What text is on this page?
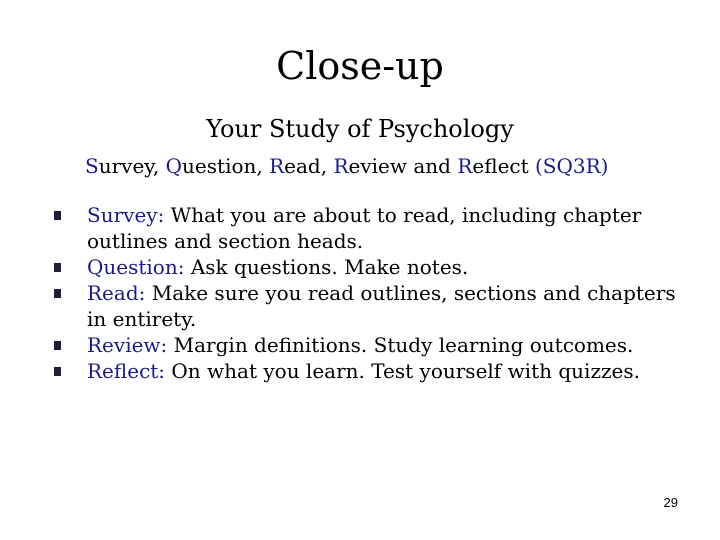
Close-up
Your Study of Psychology
Survey, Question, Read, Review and Reflect (SQ3R)
Survey: What you are about to read, including chapter outlines and section heads.
Question: Ask questions. Make notes.
Read: Make sure you read outlines, sections and chapters in entirety.
Review: Margin definitions. Study learning outcomes.
Reflect: On what you learn. Test yourself with quizzes.
29
